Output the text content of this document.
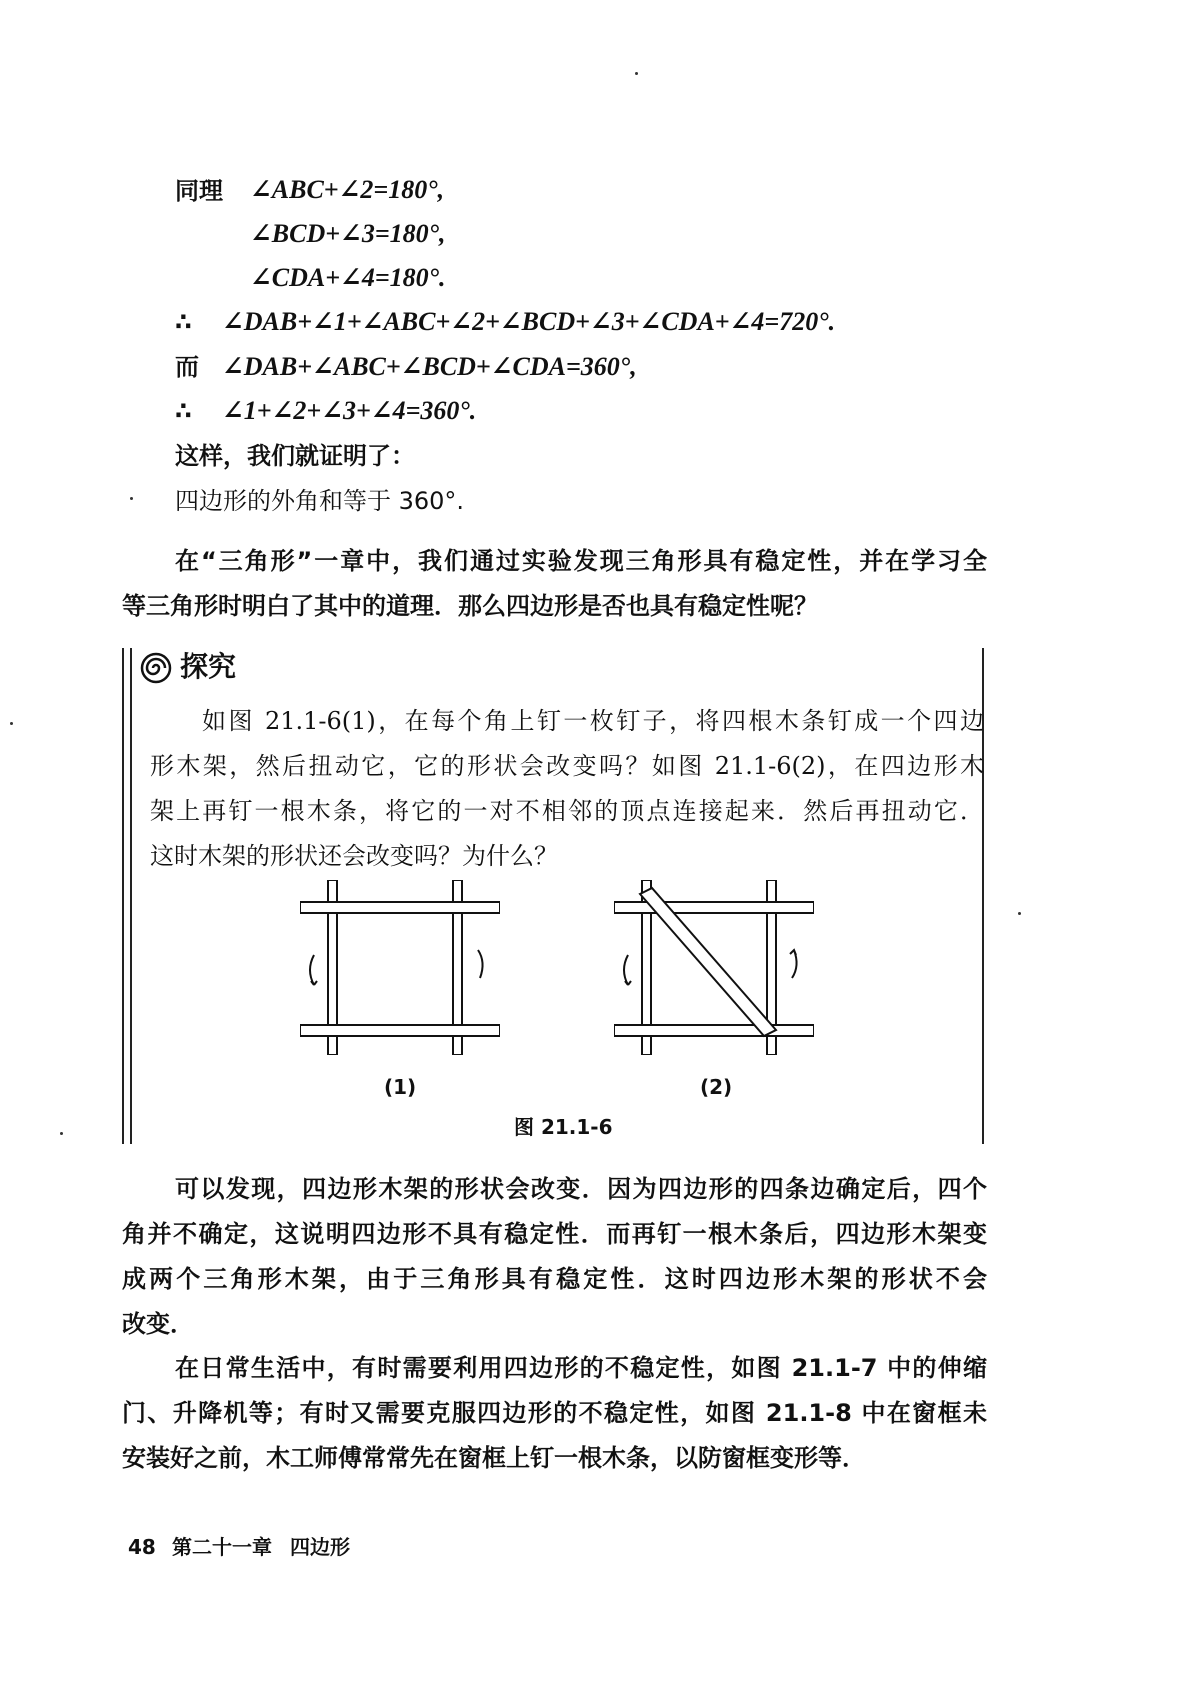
同理 ∠ABC+∠2=180°,
∠BCD+∠3=180°,
∠CDA+∠4=180°.
∴ ∠DAB+∠1+∠ABC+∠2+∠BCD+∠3+∠CDA+∠4=720°.
而 ∠DAB+∠ABC+∠BCD+∠CDA=360°,
∴ ∠1+∠2+∠3+∠4=360°.
这样，我们就证明了：
四边形的外角和等于 360°.
在“三角形”一章中，我们通过实验发现三角形具有稳定性，并在学习全
等三角形时明白了其中的道理．那么四边形是否也具有稳定性呢？
探究
如图 21.1-6(1)，在每个角上钉一枚钉子，将四根木条钉成一个四边
形木架，然后扭动它，它的形状会改变吗？如图 21.1-6(2)，在四边形木
架上再钉一根木条，将它的一对不相邻的顶点连接起来．然后再扭动它．
这时木架的形状还会改变吗？为什么？
(1)	(2)
图 21.1-6
可以发现，四边形木架的形状会改变．因为四边形的四条边确定后，四个
角并不确定，这说明四边形不具有稳定性．而再钉一根木条后，四边形木架变
成两个三角形木架，由于三角形具有稳定性．这时四边形木架的形状不会
改变．
在日常生活中，有时需要利用四边形的不稳定性，如图 21.1-7 中的伸缩
门、升降机等；有时又需要克服四边形的不稳定性，如图 21.1-8 中在窗框未
安装好之前，木工师傅常常先在窗框上钉一根木条，以防窗框变形等．
48 第二十一章 四边形
